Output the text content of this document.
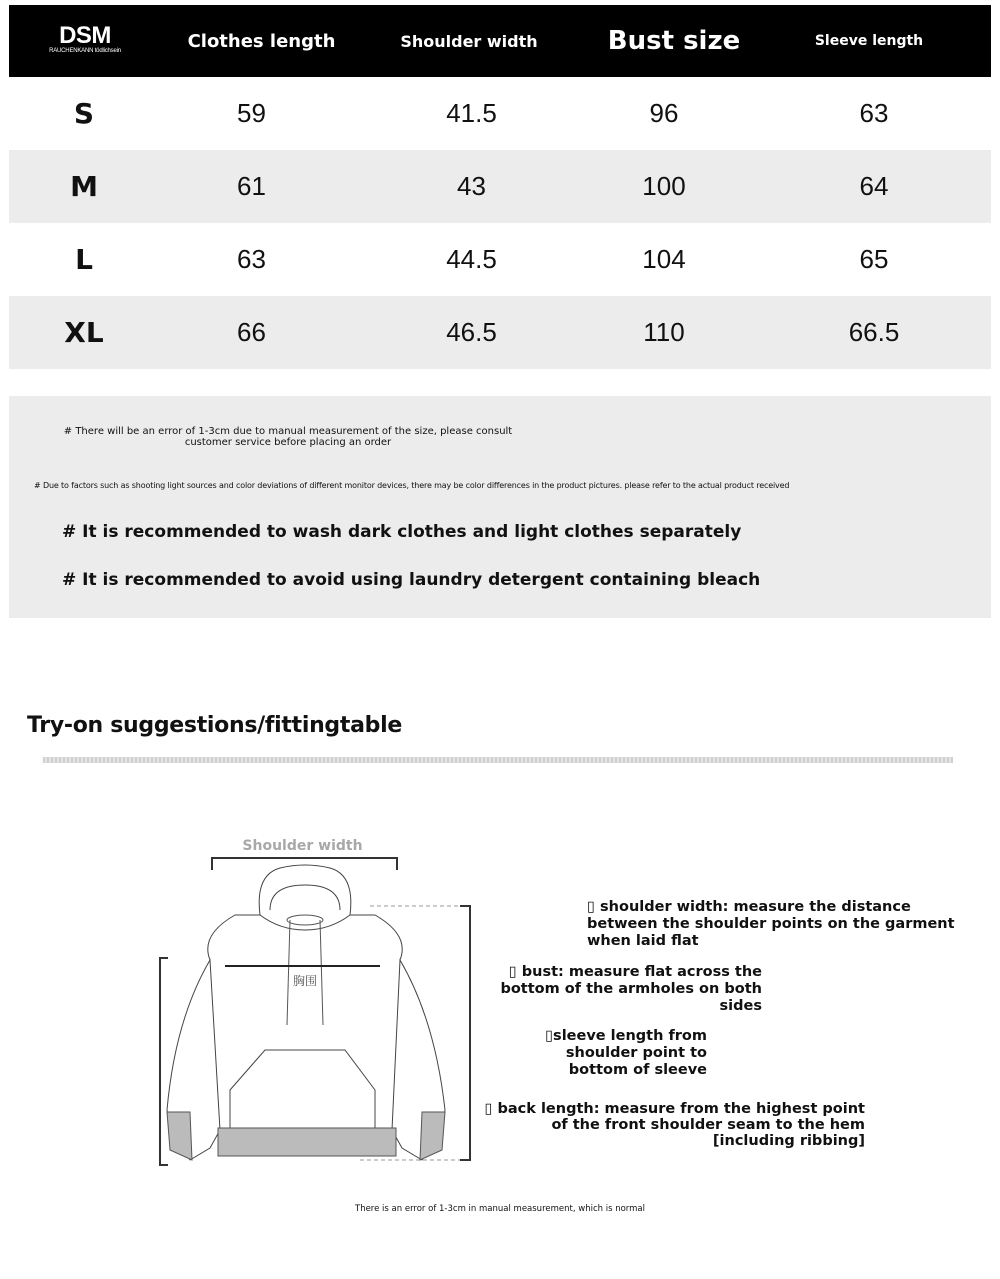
DSM
RAUCHENKANN tödlichsein	Clothes length	Shoulder width	Bust size	Sleeve length
S	59	41.5	96	63
M	61	43	100	64
L	63	44.5	104	65
XL	66	46.5	110	66.5
# There will be an error of 1-3cm due to manual measurement of the size, please consult customer service before placing an order
# Due to factors such as shooting light sources and color deviations of different monitor devices, there may be color differences in the product pictures. please refer to the actual product received
# It is recommended to wash dark clothes and light clothes separately
# It is recommended to avoid using laundry detergent containing bleach
Try-on suggestions/fittingtable
Shoulder width
胸围
▯ shoulder width: measure the distance between the shoulder points on the garment when laid flat
▯ bust: measure flat across the bottom of the armholes on both sides
▯sleeve length from shoulder point to bottom of sleeve
▯ back length: measure from the highest point of the front shoulder seam to the hem [including ribbing]
There is an error of 1-3cm in manual measurement, which is normal
